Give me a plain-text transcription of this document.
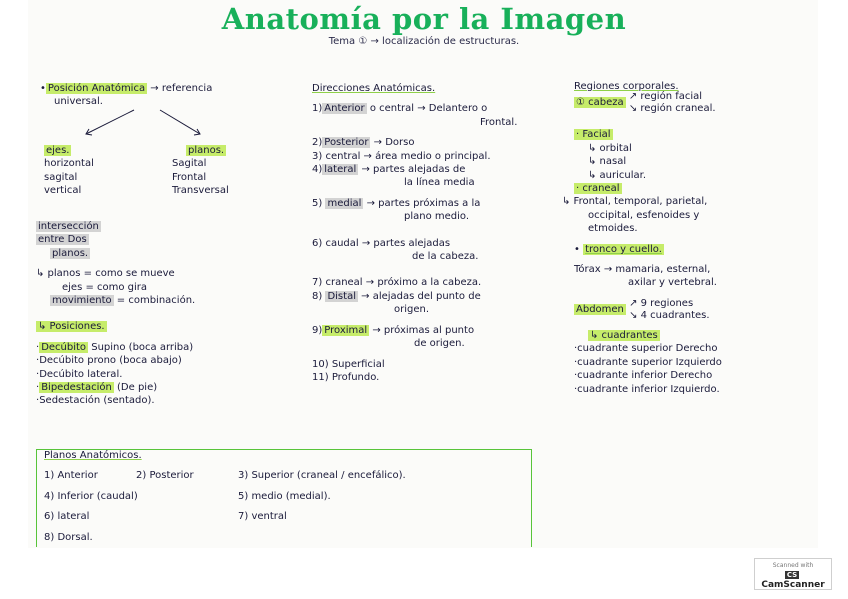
Anatomía por la Imagen
Tema ① → localización de estructuras.
• Posición Anatómica → referencia
universal.
ejes.
horizontal
sagital
vertical
planos.
Sagital
Frontal
Transversal
intersección
entre Dos
planos.
↳ planos = como se mueve
ejes = como gira
movimiento = combinación.
↳ Posiciones.
· Decúbito Supino (boca arriba)
·Decúbito prono (boca abajo)
·Decúbito lateral.
· Bipedestación (De pie)
·Sedestación (sentado).
Direcciones Anatómicas.
1) Anterior o central → Delantero o
Frontal.
2) Posterior → Dorso
3) central → área medio o principal.
4) lateral → partes alejadas de
la línea media
5) medial → partes próximas a la
plano medio.
6) caudal → partes alejadas
de la cabeza.
7) craneal → próximo a la cabeza.
8) Distal → alejadas del punto de
origen.
9) Proximal → próximas al punto
de origen.
10) Superficial
11) Profundo.
Regiones corporales.
① cabeza ↗ región facial
↘ región craneal.
· Facial
↳ orbital
↳ nasal
↳ auricular.
· craneal
↳ Frontal, temporal, parietal,
occipital, esfenoides y
etmoides.
• tronco y cuello.
Tórax → mamaria, esternal,
axilar y vertebral.
Abdomen ↗ 9 regiones
↘ 4 cuadrantes.
↳ cuadrantes
·cuadrante superior Derecho
·cuadrante superior Izquierdo
·cuadrante inferior Derecho
·cuadrante inferior Izquierdo.
Planos Anatómicos.
1) Anterior	2) Posterior	3) Superior (craneal / encefálico).
4) Inferior (caudal)	5) medio (medial).
6) lateral	7) ventral
8) Dorsal.
Scanned with
CSCamScanner
